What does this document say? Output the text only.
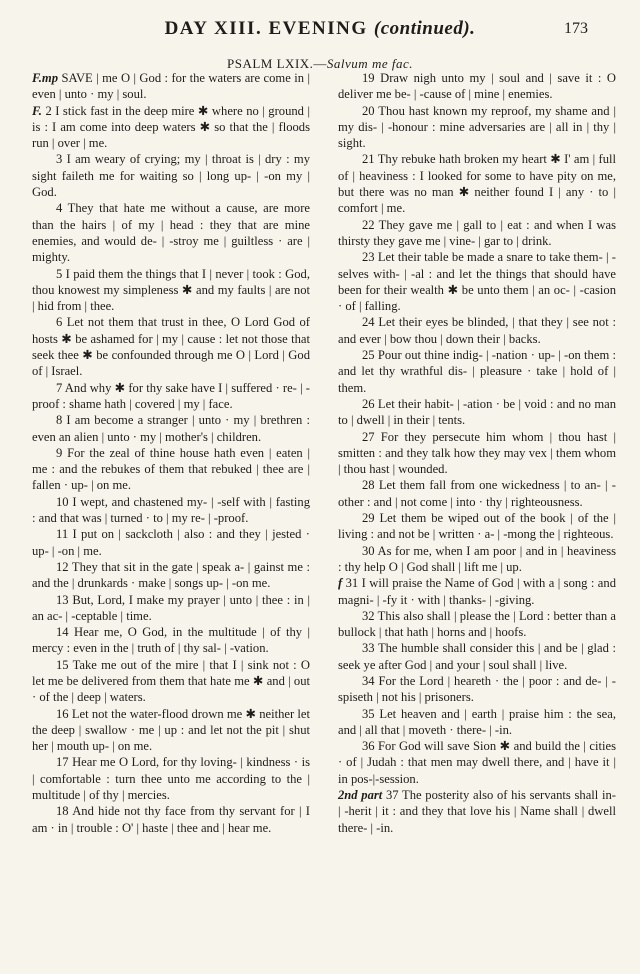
DAY XIII. EVENING (continued).	173
PSALM LXIX.—Salvum me fac.

F.mp SAVE | me O | God : for the waters are come in | even | unto · my | soul.

F. 2 I stick fast in the deep mire ✱ where no | ground | is : I am come into deep waters ✱ so that the | floods run | over | me.

3 I am weary of crying; my | throat is | dry : my sight faileth me for waiting so | long up- | -on my | God.

4 They that hate me without a cause, are more than the hairs | of my | head : they that are mine enemies, and would de- | -stroy me | guiltless · are | mighty.

5 I paid them the things that I | never | took : God, thou knowest my simpleness ✱ and my faults | are not | hid from | thee.

6 Let not them that trust in thee, O Lord God of hosts ✱ be ashamed for | my | cause : let not those that seek thee ✱ be confounded through me O | Lord | God of | Israel.

7 And why ✱ for thy sake have I | suffered · re- | -proof : shame hath | covered | my | face.

8 I am become a stranger | unto · my | brethren : even an alien | unto · my | mother's | children.

9 For the zeal of thine house hath even | eaten | me : and the rebukes of them that rebuked | thee are | fallen · up- | on me.

10 I wept, and chastened my- | -self with | fasting : and that was | turned · to | my re- | -proof.

11 I put on | sackcloth | also : and they | jested · up- | -on | me.

12 They that sit in the gate | speak a- | gainst me : and the | drunkards · make | songs up- | -on me.

13 But, Lord, I make my prayer | unto | thee : in | an ac- | -ceptable | time.

14 Hear me, O God, in the multitude | of thy | mercy : even in the | truth of | thy sal- | -vation.

15 Take me out of the mire | that I | sink not : O let me be delivered from them that hate me ✱ and | out · of the | deep | waters.

16 Let not the water-flood drown me ✱ neither let the deep | swallow · me | up : and let not the pit | shut her | mouth up- | on me.

17 Hear me O Lord, for thy loving- | kindness · is | comfortable : turn thee unto me according to the | multitude | of thy | mercies.

18 And hide not thy face from thy servant for | I am · in | trouble : O' | haste | thee and | hear me.

19 Draw nigh unto my | soul and | save it : O deliver me be- | -cause of | mine | enemies.

20 Thou hast known my reproof, my shame and | my dis- | -honour : mine adversaries are | all in | thy | sight.

21 Thy rebuke hath broken my heart ✱ I' am | full of | heaviness : I looked for some to have pity on me, but there was no man ✱ neither found I | any · to | comfort | me.

22 They gave me | gall to | eat : and when I was thirsty they gave me | vine- | gar to | drink.

23 Let their table be made a snare to take them- | -selves with- | -al : and let the things that should have been for their wealth ✱ be unto them | an oc- | -casion · of | falling.

24 Let their eyes be blinded, | that they | see not : and ever | bow thou | down their | backs.

25 Pour out thine indig- | -nation · up- | -on them : and let thy wrathful dis- | pleasure · take | hold of | them.

26 Let their habit- | -ation · be | void : and no man to | dwell | in their | tents.

27 For they persecute him whom | thou hast | smitten : and they talk how they may vex | them whom | thou hast | wounded.

28 Let them fall from one wickedness | to an- | -other : and | not come | into · thy | righteousness.

29 Let them be wiped out of the book | of the | living : and not be | written · a- | -mong the | righteous.

30 As for me, when I am poor | and in | heaviness : thy help O | God shall | lift me | up.

f 31 I will praise the Name of God | with a | song : and magni- | -fy it · with | thanks- | -giving.

32 This also shall | please the | Lord : better than a bullock | that hath | horns and | hoofs.

33 The humble shall consider this | and be | glad : seek ye after God | and your | soul shall | live.

34 For the Lord | heareth · the | poor : and de- | -spiseth | not his | prisoners.

35 Let heaven and | earth | praise him : the sea, and | all that | moveth · there- | -in.

36 For God will save Sion ✱ and build the | cities · of | Judah : that men may dwell there, and | have it | in pos-|-session.

2nd part 37 The posterity also of his servants shall in- | -herit | it : and they that love his | Name shall | dwell there- | -in.
